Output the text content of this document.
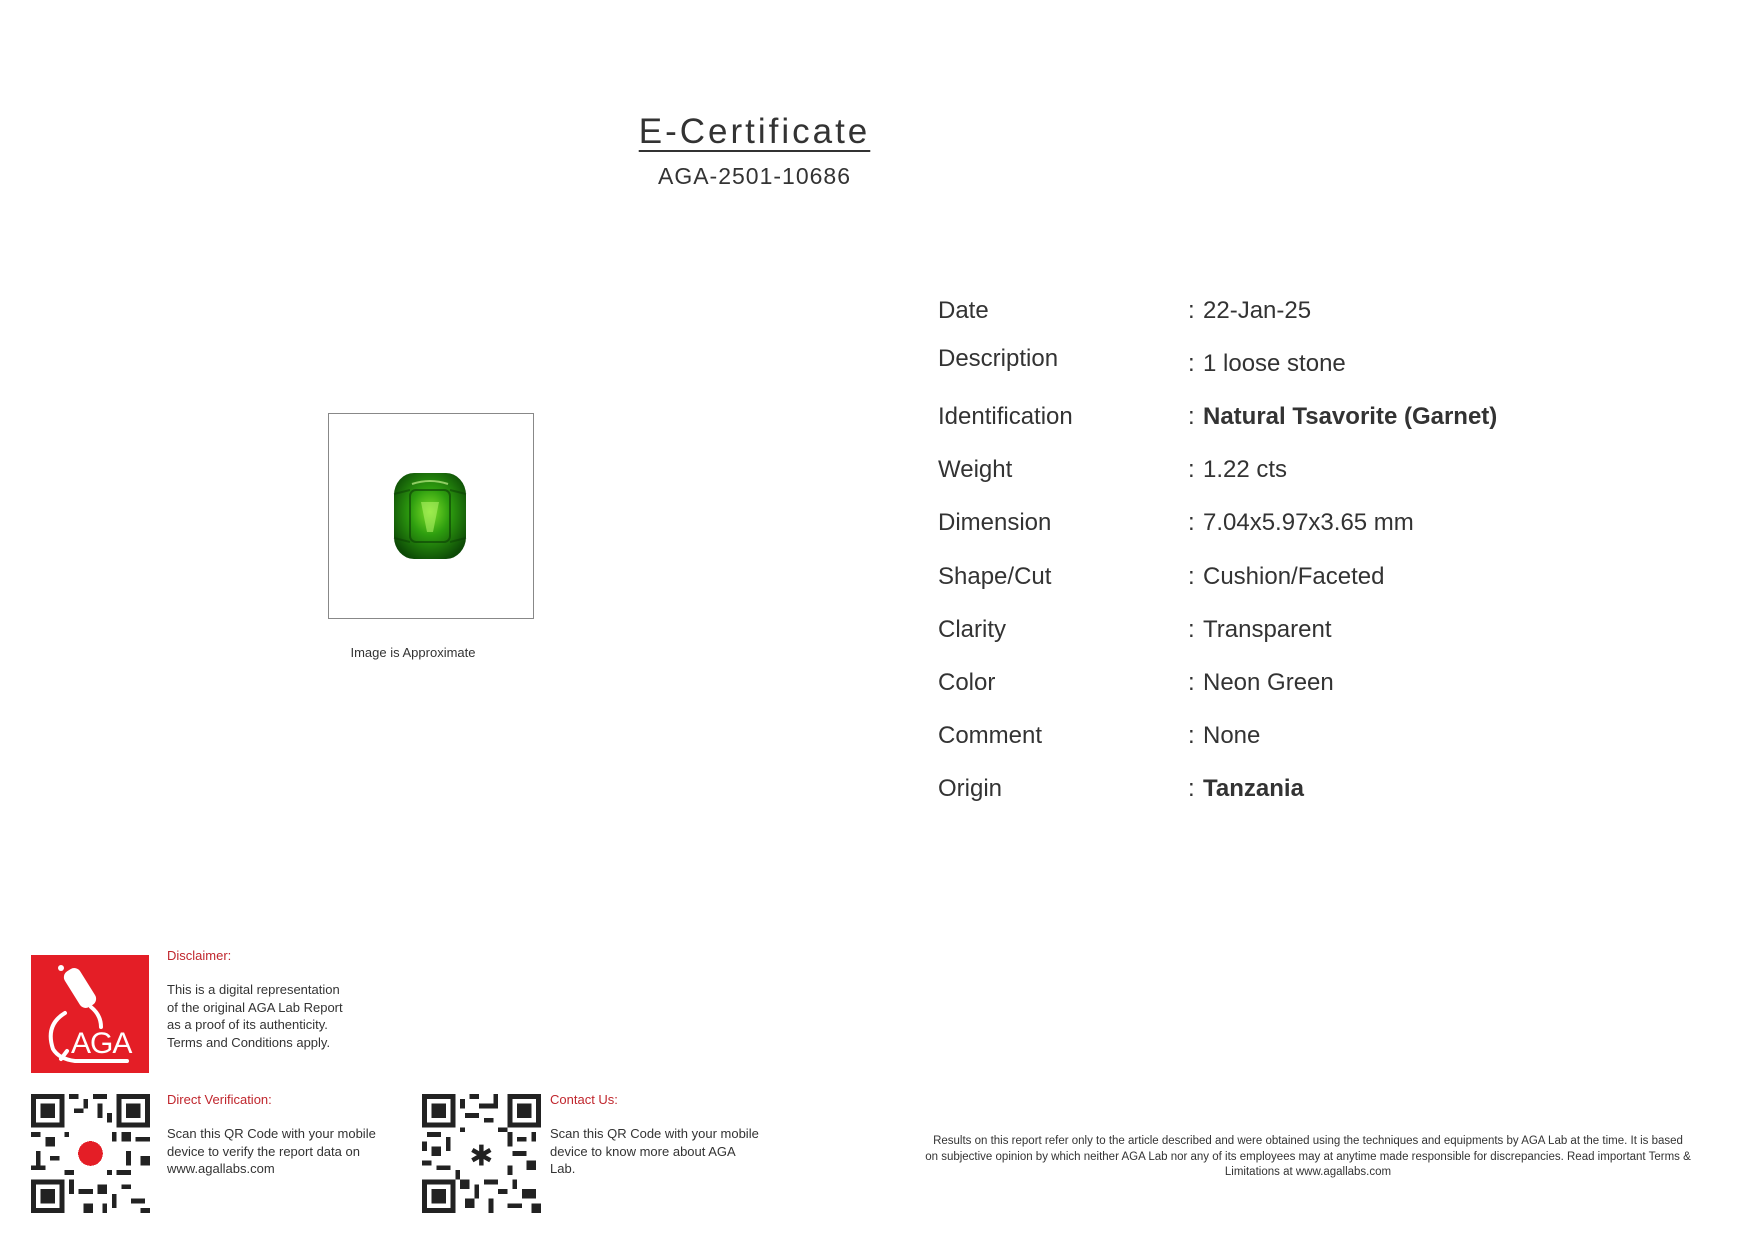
E-Certificate
AGA-2501-10686
Image is Approximate
Date	: 22-Jan-25
Description	: 1 loose stone
Identification	: Natural Tsavorite (Garnet)
Weight	: 1.22 cts
Dimension	: 7.04x5.97x3.65 mm
Shape/Cut	: Cushion/Faceted
Clarity	: Transparent
Color	: Neon Green
Comment	: None
Origin	: Tanzania
AGA
Disclaimer:
This is a digital representation
of the original AGA Lab Report
as a proof of its authenticity.
Terms and Conditions apply.
Direct Verification:
Scan this QR Code with your mobile
device to verify the report data on
www.agallabs.com	✱
Contact Us:
Scan this QR Code with your mobile
device to know more about AGA
Lab.
Results on this report refer only to the article described and were obtained using the techniques and equipments by AGA Lab at the time. It is based
on subjective opinion by which neither AGA Lab nor any of its employees may at anytime made responsible for discrepancies. Read important Terms &
Limitations at www.agallabs.com
